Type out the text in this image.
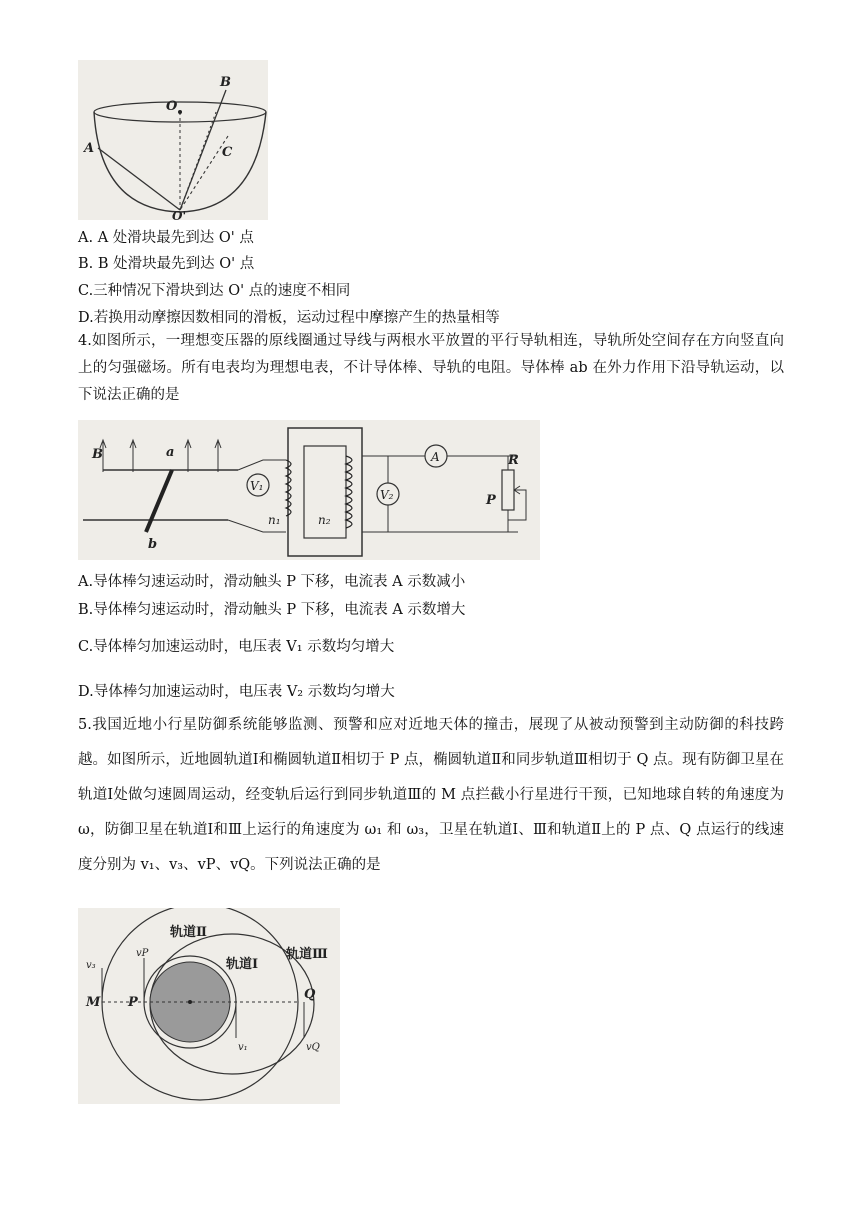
O
B
A	C
O'
A. A 处滑块最先到达 O' 点
B. B 处滑块最先到达 O' 点
C.三种情况下滑块到达 O' 点的速度不相同
D.若换用动摩擦因数相同的滑板，运动过程中摩擦产生的热量相等
4.如图所示，一理想变压器的原线圈通过导线与两根水平放置的平行导轨相连，导轨所处空间存在方向竖直向上的匀强磁场。所有电表均为理想电表，不计导体棒、导轨的电阻。导体棒 ab 在外力作用下沿导轨运动，以下说法正确的是
B	a
b
V₁
n₁	n₂
V₂
A	R
P
A.导体棒匀速运动时，滑动触头 P 下移，电流表 A 示数减小
B.导体棒匀速运动时，滑动触头 P 下移，电流表 A 示数增大
C.导体棒匀加速运动时，电压表 V₁ 示数均匀增大
D.导体棒匀加速运动时，电压表 V₂ 示数均匀增大
5.我国近地小行星防御系统能够监测、预警和应对近地天体的撞击，展现了从被动预警到主动防御的科技跨越。如图所示，近地圆轨道Ⅰ和椭圆轨道Ⅱ相切于 P 点，椭圆轨道Ⅱ和同步轨道Ⅲ相切于 Q 点。现有防御卫星在轨道Ⅰ处做匀速圆周运动，经变轨后运行到同步轨道Ⅲ的 M 点拦截小行星进行干预，已知地球自转的角速度为 ω，防御卫星在轨道Ⅰ和Ⅲ上运行的角速度为 ω₁ 和 ω₃，卫星在轨道Ⅰ、Ⅲ和轨道Ⅱ上的 P 点、Q 点运行的线速度分别为 v₁、v₃、vP、vQ。下列说法正确的是
轨道Ⅱ
轨道Ⅲ
轨道Ⅰ
M P
Q
v₃
vP
v₁	vQ
